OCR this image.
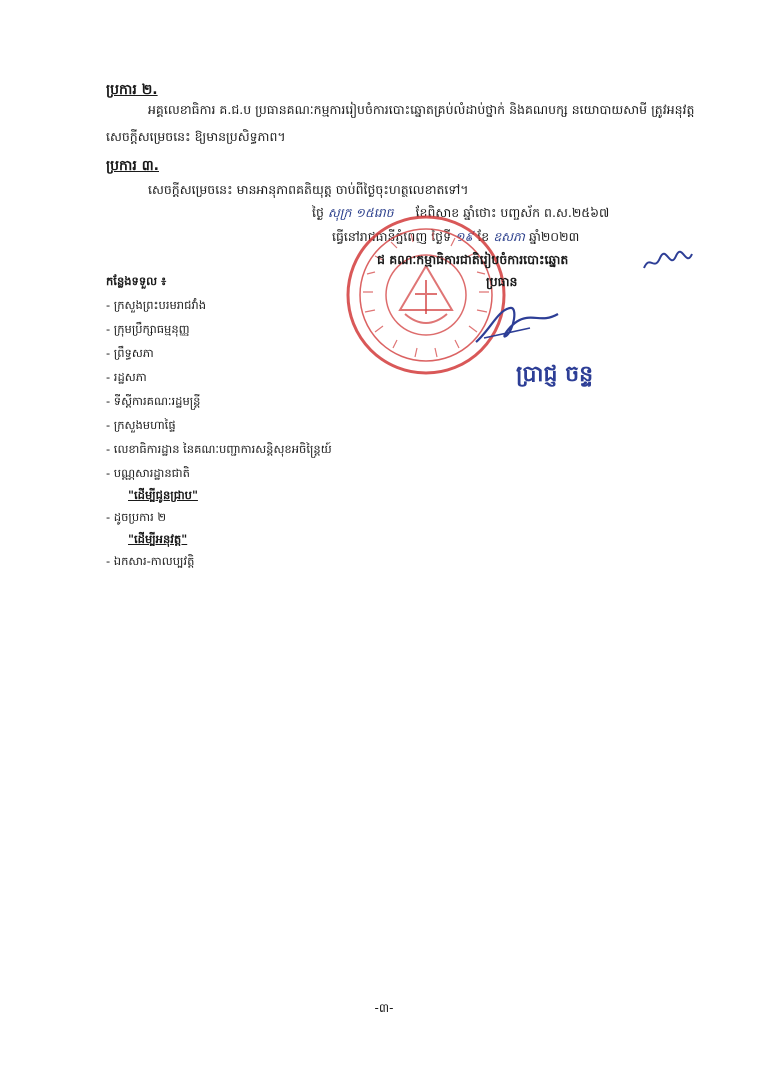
ប្រការ ២.
អគ្គលេខាធិការ គ.ជ.ប ប្រធានគណៈកម្មការរៀបចំការបោះឆ្នោតគ្រប់លំដាប់ថ្នាក់ និងគណបក្ស នយោបាយសាមី ត្រូវអនុវត្តសេចក្តីសម្រេចនេះ ឱ្យមានប្រសិទ្ធភាព។
ប្រការ ៣.
សេចក្តីសម្រេចនេះ មានអានុភាពគតិយុត្ត ចាប់ពីថ្ងៃចុះហត្ថលេខាតទៅ។
ថ្ងៃ សុក្រ ១៥រោច ខែពិសាខ ឆ្នាំថោះ បញ្ចស័ក ព.ស.២៥៦៧
ធ្វើនៅរាជធានីភ្នំពេញ ថ្ងៃទី ១៩ ខែ ឧសភា ឆ្នាំ២០២៣
ជ គណៈកម្មាធិការជាតិរៀបចំការបោះឆ្នោត
ប្រធាន
ប្រាជ្ញ ចន្ទ
កន្លែងទទួល ៖
- ក្រសួងព្រះបរមរាជវាំង
- ក្រុមប្រឹក្សាធម្មនុញ្ញ
- ព្រឹទ្ធសភា
- រដ្ឋសភា
- ទីស្តីការគណៈរដ្ឋមន្ត្រី
- ក្រសួងមហាផ្ទៃ
- លេខាធិការដ្ឋាន នៃគណៈបញ្ជាការសន្តិសុខអចិន្ត្រៃយ៍
- បណ្ណសារដ្ឋានជាតិ
"ដើម្បីជូនជ្រាប"
- ដូចប្រការ ២
"ដើម្បីអនុវត្ត"
- ឯកសារ-កាលប្បវត្តិ
-៣-
